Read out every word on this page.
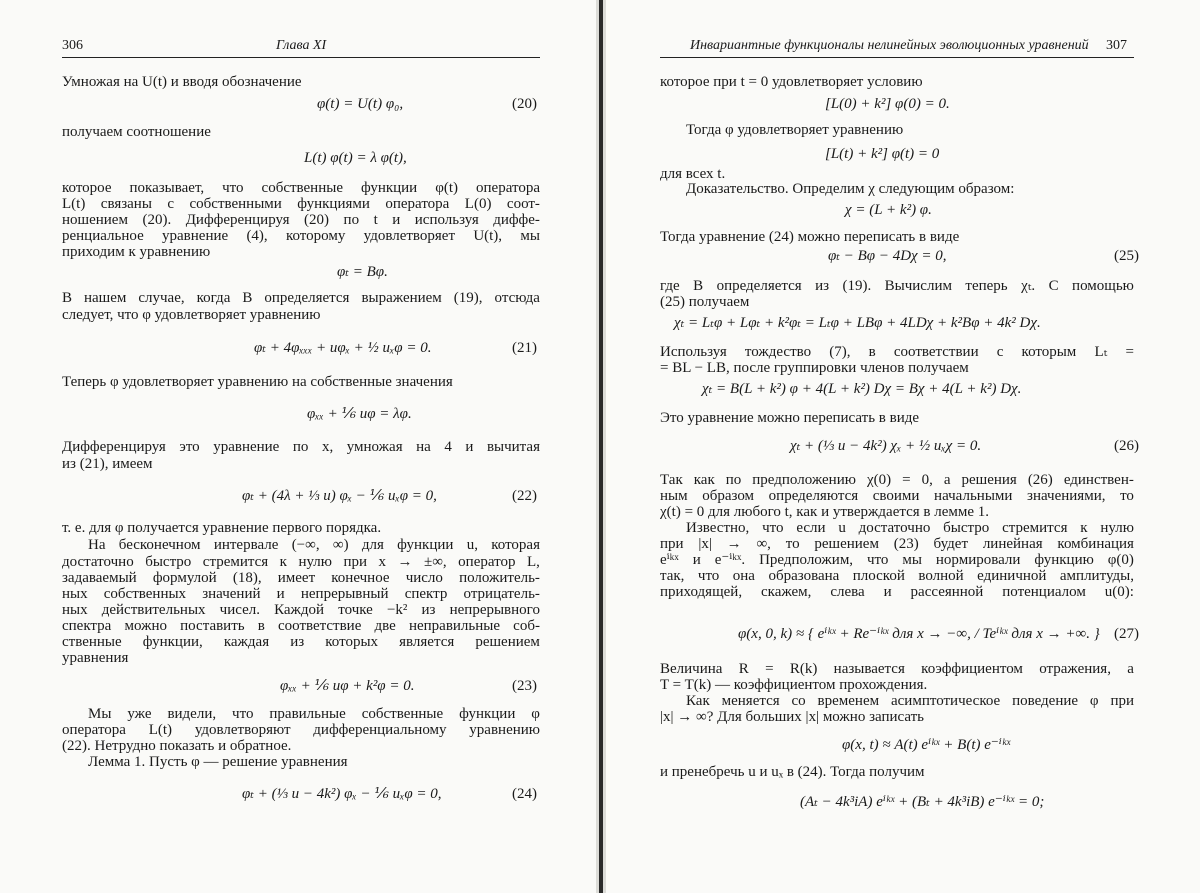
306	Глава XI
Умножая на U(t) и вводя обозначение
получаем соотношение
которое показывает, что собственные функции φ(t) оператора
L(t) связаны с собственными функциями оператора L(0) соот-
ношением (20). Дифференцируя (20) по t и используя диффе-
ренциальное уравнение (4), которому удовлетворяет U(t), мы
приходим к уравнению
В нашем случае, когда B определяется выражением (19), отсюда
следует, что φ удовлетворяет уравнению
Теперь φ удовлетворяет уравнению на собственные значения
Дифференцируя это уравнение по x, умножая на 4 и вычитая
из (21), имеем
т. е. для φ получается уравнение первого порядка.
На бесконечном интервале (−∞, ∞) для функции u, которая
достаточно быстро стремится к нулю при x → ±∞, оператор L,
задаваемый формулой (18), имеет конечное число положитель-
ных собственных значений и непрерывный спектр отрицатель-
ных действительных чисел. Каждой точке −k² из непрерывного
спектра можно поставить в соответствие две неправильные соб-
ственные функции, каждая из которых является решением
уравнения
Мы уже видели, что правильные собственные функции φ
оператора L(t) удовлетворяют дифференциальному уравнению
(22). Нетрудно показать и обратное.
Лемма 1. Пусть φ — решение уравнения
φ(t) = U(t) φ₀,	(20)
L(t) φ(t) = λ φ(t),
φₜ = Bφ.
φₜ + 4φₓₓₓ + uφₓ + ½ uₓφ = 0.	(21)
φₓₓ + ⅙ uφ = λφ.
φₜ + (4λ + ⅓ u) φₓ − ⅙ uₓφ = 0,	(22)
φₓₓ + ⅙ uφ + k²φ = 0.	(23)
φₜ + (⅓ u − 4k²) φₓ − ⅙ uₓφ = 0,	(24)
Инвариантные функционалы нелинейных эволюционных уравнений 307
которое при t = 0 удовлетворяет условию
Тогда φ удовлетворяет уравнению
для всех t.
Доказательство. Определим χ следующим образом:
Тогда уравнение (24) можно переписать в виде
где B определяется из (19). Вычислим теперь χₜ. С помощью
(25) получаем
Используя тождество (7), в соответствии с которым Lₜ =
= BL − LB, после группировки членов получаем
Это уравнение можно переписать в виде
Так как по предположению χ(0) = 0, а решения (26) единствен-
ным образом определяются своими начальными значениями, то
χ(t) = 0 для любого t, как и утверждается в лемме 1.
Известно, что если u достаточно быстро стремится к нулю
при |x| → ∞, то решением (23) будет линейная комбинация
eⁱᵏˣ и e⁻ⁱᵏˣ. Предположим, что мы нормировали функцию φ(0)
так, что она образована плоской волной единичной амплитуды,
приходящей, скажем, слева и рассеянной потенциалом u(0):
Величина R = R(k) называется коэффициентом отражения, а
T = T(k) — коэффициентом прохождения.
Как меняется со временем асимптотическое поведение φ при
|x| → ∞? Для больших |x| можно записать
и пренебречь u и uₓ в (24). Тогда получим
[L(0) + k²] φ(0) = 0.
[L(t) + k²] φ(t) = 0
χ = (L + k²) φ.
φₜ − Bφ − 4Dχ = 0,	(25)
χₜ = Lₜφ + Lφₜ + k²φₜ = Lₜφ + LBφ + 4LDχ + k²Bφ + 4k² Dχ.
χₜ = B(L + k²) φ + 4(L + k²) Dχ = Bχ + 4(L + k²) Dχ.
χₜ + (⅓ u − 4k²) χₓ + ½ uₓχ = 0.	(26)
φ(x, 0, k) ≈ { eⁱᵏˣ + Re⁻ⁱᵏˣ для x → −∞, / Teⁱᵏˣ для x → +∞. } (27)
φ(x, t) ≈ A(t) eⁱᵏˣ + B(t) e⁻ⁱᵏˣ
(Aₜ − 4k³iA) eⁱᵏˣ + (Bₜ + 4k³iB) e⁻ⁱᵏˣ = 0;
